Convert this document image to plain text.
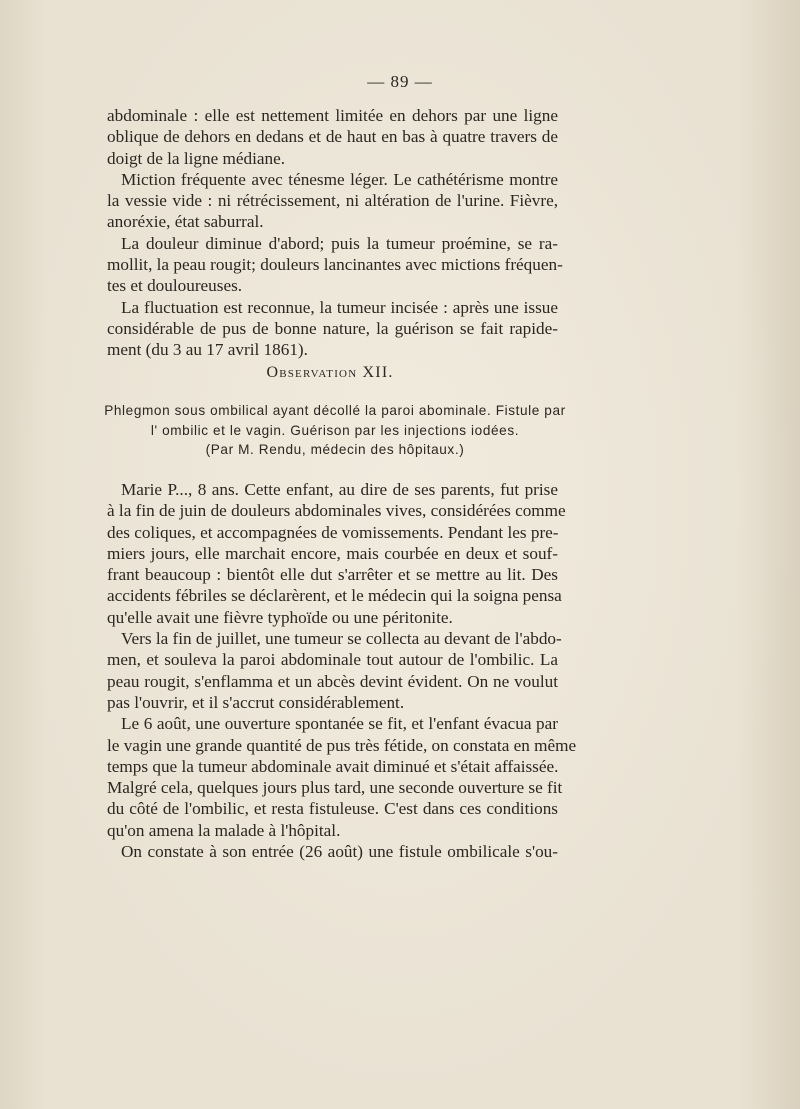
— 89 —
abdominale : elle est nettement limitée en dehors par une ligne
oblique de dehors en dedans et de haut en bas à quatre travers de
doigt de la ligne médiane.
Miction fréquente avec ténesme léger. Le cathétérisme montre
la vessie vide : ni rétrécissement, ni altération de l'urine. Fièvre,
anoréxie, état saburral.
La douleur diminue d'abord; puis la tumeur proémine, se ra-
mollit, la peau rougit; douleurs lancinantes avec mictions fréquen-
tes et douloureuses.
La fluctuation est reconnue, la tumeur incisée : après une issue
considérable de pus de bonne nature, la guérison se fait rapide-
ment (du 3 au 17 avril 1861).
Observation XII.
Phlegmon sous ombilical ayant décollé la paroi abominale. Fistule par
l' ombilic et le vagin. Guérison par les injections iodées.
(Par M. Rendu, médecin des hôpitaux.)
Marie P..., 8 ans. Cette enfant, au dire de ses parents, fut prise
à la fin de juin de douleurs abdominales vives, considérées comme
des coliques, et accompagnées de vomissements. Pendant les pre-
miers jours, elle marchait encore, mais courbée en deux et souf-
frant beaucoup : bientôt elle dut s'arrêter et se mettre au lit. Des
accidents fébriles se déclarèrent, et le médecin qui la soigna pensa
qu'elle avait une fièvre typhoïde ou une péritonite.
Vers la fin de juillet, une tumeur se collecta au devant de l'abdo-
men, et souleva la paroi abdominale tout autour de l'ombilic. La
peau rougit, s'enflamma et un abcès devint évident. On ne voulut
pas l'ouvrir, et il s'accrut considérablement.
Le 6 août, une ouverture spontanée se fit, et l'enfant évacua par
le vagin une grande quantité de pus très fétide, on constata en même
temps que la tumeur abdominale avait diminué et s'était affaissée.
Malgré cela, quelques jours plus tard, une seconde ouverture se fit
du côté de l'ombilic, et resta fistuleuse. C'est dans ces conditions
qu'on amena la malade à l'hôpital.
On constate à son entrée (26 août) une fistule ombilicale s'ou-
